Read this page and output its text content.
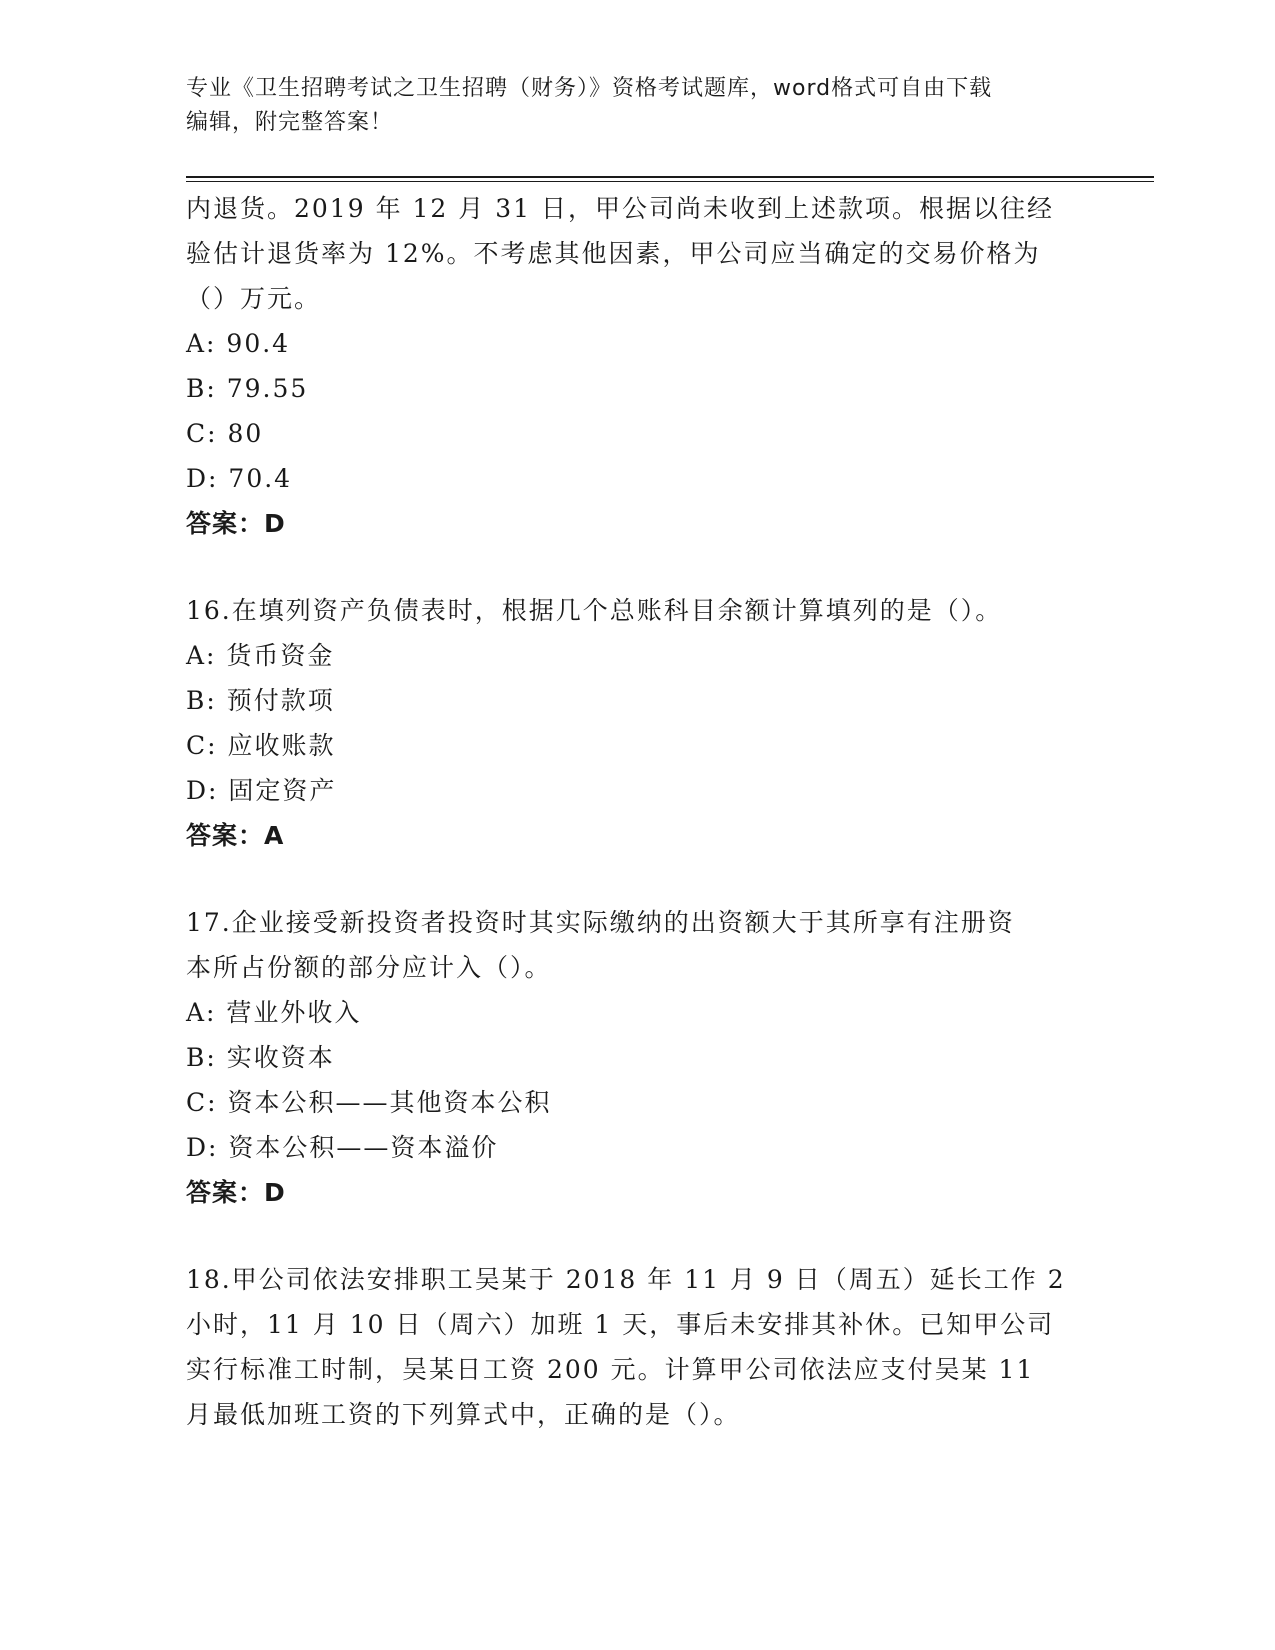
专业《卫生招聘考试之卫生招聘（财务）》资格考试题库，word格式可自由下载
编辑，附完整答案！
内退货。2019 年 12 月 31 日，甲公司尚未收到上述款项。根据以往经
验估计退货率为 12%。不考虑其他因素，甲公司应当确定的交易价格为
（）万元。
A: 90.4
B: 79.55
C: 80
D: 70.4
答案：D
16.在填列资产负债表时，根据几个总账科目余额计算填列的是（）。
A: 货币资金
B: 预付款项
C: 应收账款
D: 固定资产
答案：A
17.企业接受新投资者投资时其实际缴纳的出资额大于其所享有注册资
本所占份额的部分应计入（）。
A: 营业外收入
B: 实收资本
C: 资本公积——其他资本公积
D: 资本公积——资本溢价
答案：D
18.甲公司依法安排职工吴某于 2018 年 11 月 9 日（周五）延长工作 2
小时，11 月 10 日（周六）加班 1 天，事后未安排其补休。已知甲公司
实行标准工时制，吴某日工资 200 元。计算甲公司依法应支付吴某 11
月最低加班工资的下列算式中，正确的是（）。
